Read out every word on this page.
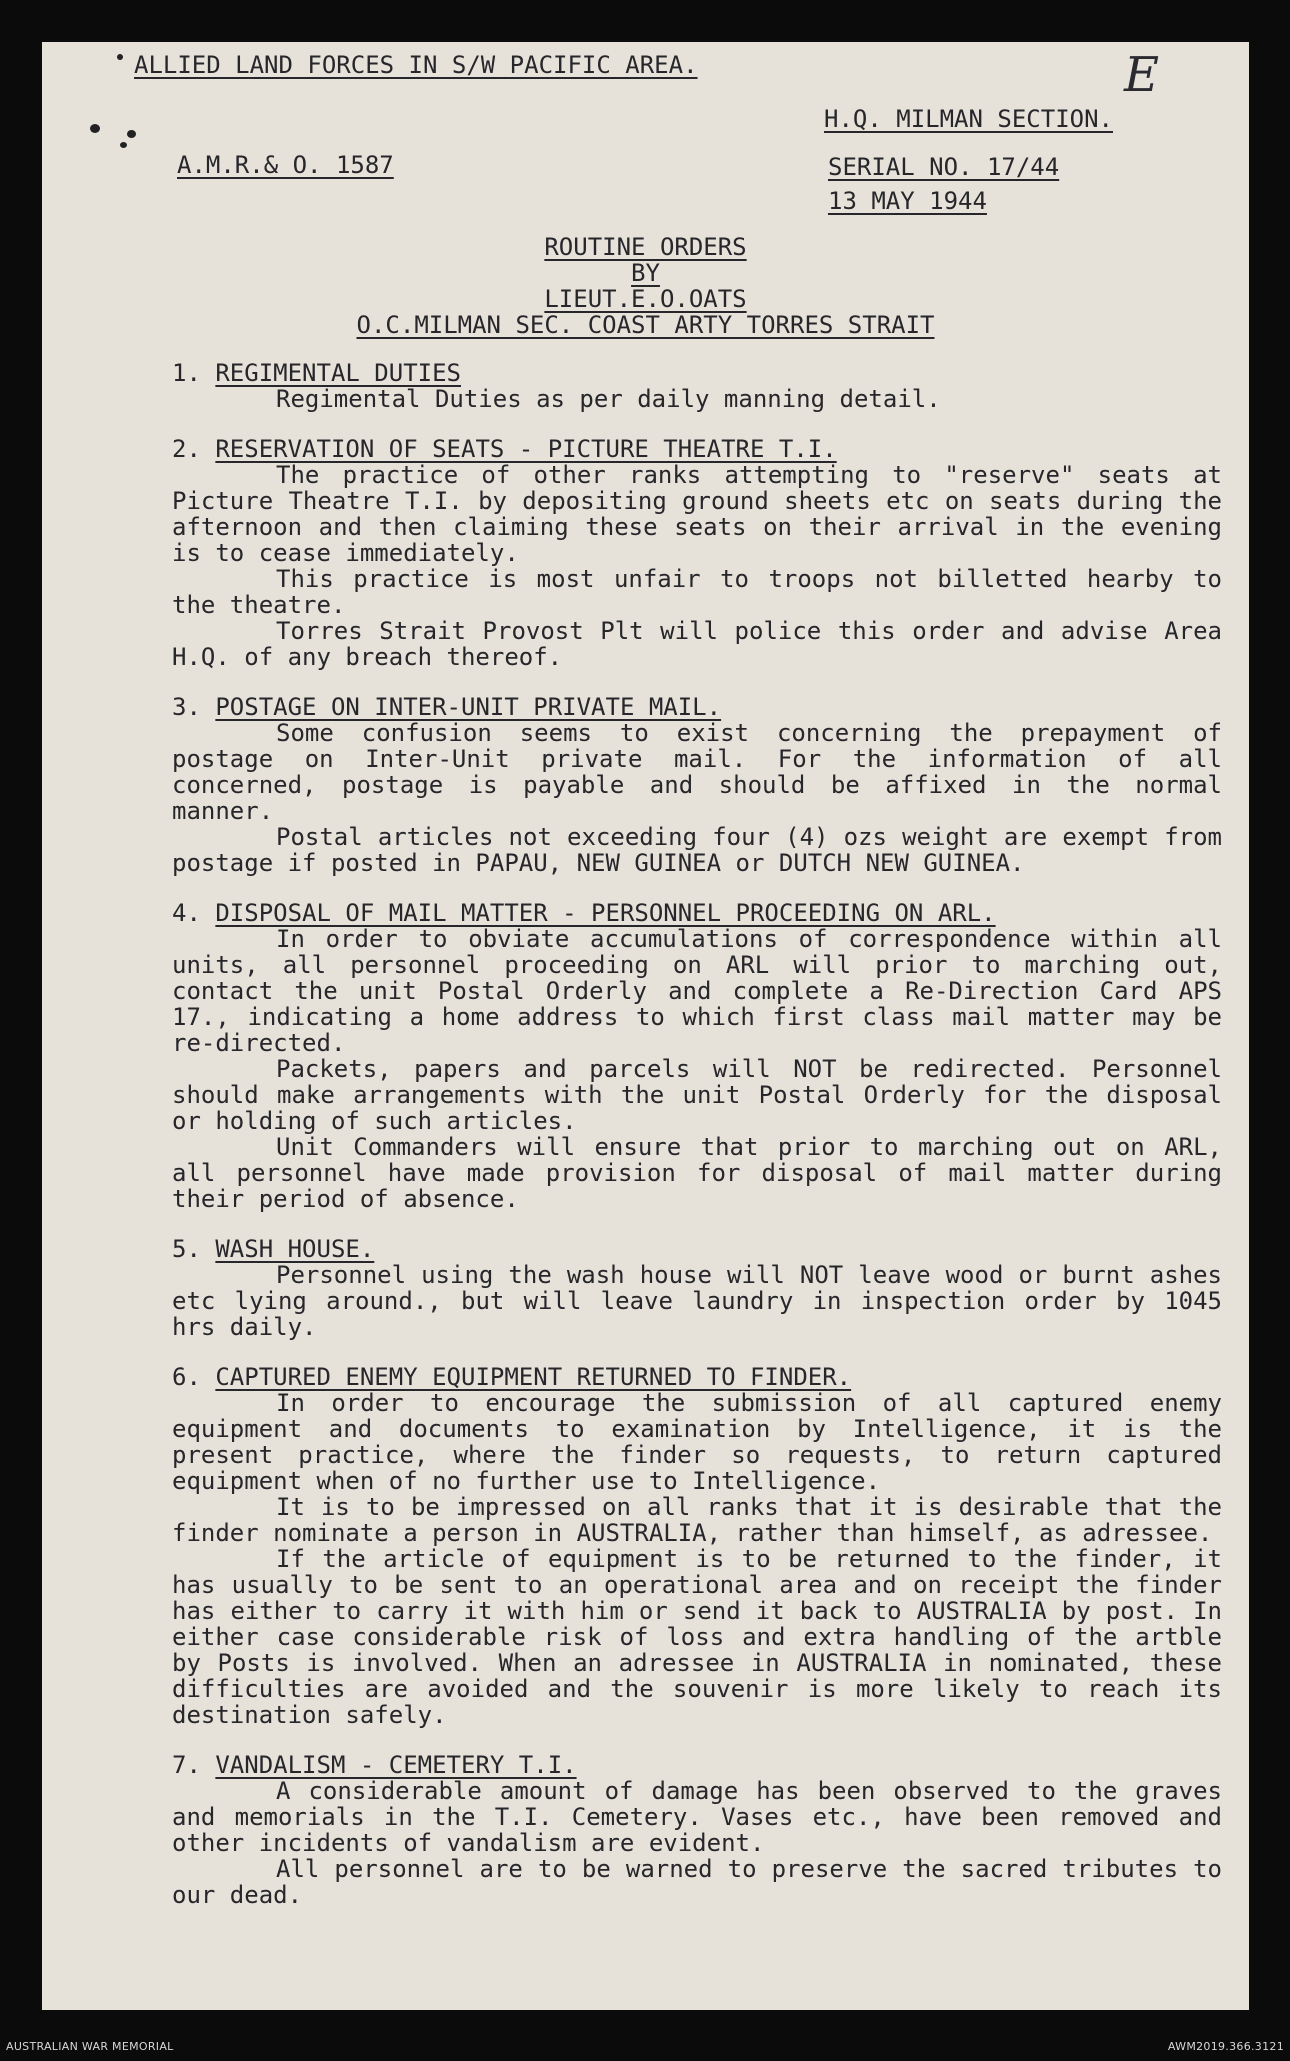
ALLIED LAND FORCES IN S/W PACIFIC AREA.
H.Q. MILMAN SECTION.
E
A.M.R.& O. 1587	SERIAL NO. 17/44
13 MAY 1944
ROUTINE ORDERS
BY
LIEUT.E.O.OATS
O.C.MILMAN SEC. COAST ARTY TORRES STRAIT
1. REGIMENTAL DUTIES
Regimental Duties as per daily manning detail.
2. RESERVATION OF SEATS - PICTURE THEATRE T.I.
The practice of other ranks attempting to "reserve" seats at Picture Theatre T.I. by depositing ground sheets etc on seats during the afternoon and then claiming these seats on their arrival in the evening is to cease immediately.
This practice is most unfair to troops not billetted hearby to the theatre.
Torres Strait Provost Plt will police this order and advise Area H.Q. of any breach thereof.
3. POSTAGE ON INTER-UNIT PRIVATE MAIL.
Some confusion seems to exist concerning the prepayment of postage on Inter-Unit private mail. For the information of all concerned, postage is payable and should be affixed in the normal manner.
Postal articles not exceeding four (4) ozs weight are exempt from postage if posted in PAPAU, NEW GUINEA or DUTCH NEW GUINEA.
4. DISPOSAL OF MAIL MATTER - PERSONNEL PROCEEDING ON ARL.
In order to obviate accumulations of correspondence within all units, all personnel proceeding on ARL will prior to marching out, contact the unit Postal Orderly and complete a Re-Direction Card APS 17., indicating a home address to which first class mail matter may be re-directed.
Packets, papers and parcels will NOT be redirected. Personnel should make arrangements with the unit Postal Orderly for the disposal or holding of such articles.
Unit Commanders will ensure that prior to marching out on ARL, all personnel have made provision for disposal of mail matter during their period of absence.
5. WASH HOUSE.
Personnel using the wash house will NOT leave wood or burnt ashes etc lying around., but will leave laundry in inspection order by 1045 hrs daily.
6. CAPTURED ENEMY EQUIPMENT RETURNED TO FINDER.
In order to encourage the submission of all captured enemy equipment and documents to examination by Intelligence, it is the present practice, where the finder so requests, to return captured equipment when of no further use to Intelligence.
It is to be impressed on all ranks that it is desirable that the finder nominate a person in AUSTRALIA, rather than himself, as adressee.
If the article of equipment is to be returned to the finder, it has usually to be sent to an operational area and on receipt the finder has either to carry it with him or send it back to AUSTRALIA by post. In either case considerable risk of loss and extra handling of the artble by Posts is involved. When an adressee in AUSTRALIA in nominated, these difficulties are avoided and the souvenir is more likely to reach its destination safely.
7. VANDALISM - CEMETERY T.I.
A considerable amount of damage has been observed to the graves and memorials in the T.I. Cemetery. Vases etc., have been removed and other incidents of vandalism are evident.
All personnel are to be warned to preserve the sacred tributes to our dead.
AUSTRALIAN WAR MEMORIAL	AWM2019.366.3121
